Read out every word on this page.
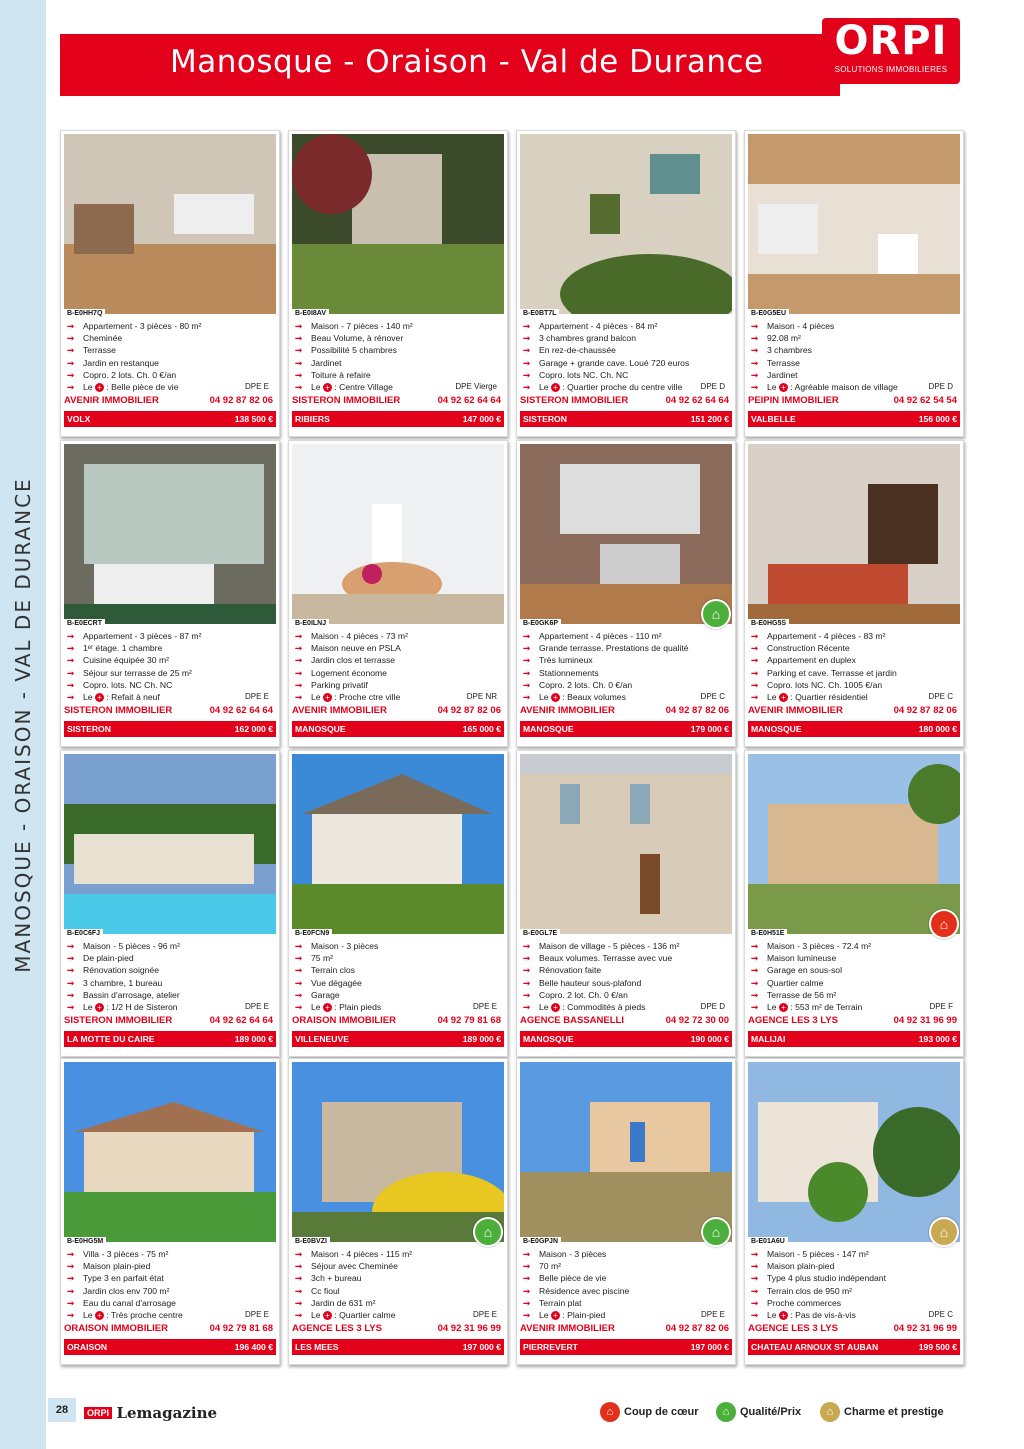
MANOSQUE - ORAISON - VAL DE DURANCE
Manosque - Oraison - Val de Durance	ORPI
SOLUTIONS IMMOBILIERES
B-E0HH7Q
➞ Appartement - 3 pièces - 80 m²
➞ Cheminée
➞ Terrasse
➞ Jardin en restanque
➞ Copro. 2 lots. Ch. 0 €/an
➞ Le + : Belle pièce de vie	DPE E
AVENIR IMMOBILIER	04 92 87 82 06
VOLX	138 500 €
B-E0I8AV
➞ Maison - 7 pièces - 140 m²
➞ Beau Volume, à rénover
➞ Possibilité 5 chambres
➞ Jardinet
➞ Toiture à refaire
➞ Le + : Centre Village	DPE Vierge
SISTERON IMMOBILIER	04 92 62 64 64
RIBIERS	147 000 €
B-E0BT7L
➞ Appartement - 4 pièces - 84 m²
➞ 3 chambres grand balcon
➞ En rez-de-chaussée
➞ Garage + grande cave. Loué 720 euros
➞ Copro. lots NC. Ch. NC
➞ Le + : Quartier proche du centre ville DPE D
SISTERON IMMOBILIER	04 92 62 64 64
SISTERON	151 200 €
B-E0G5EU
➞ Maison - 4 pièces
➞ 92.08 m²
➞ 3 chambres
➞ Terrasse
➞ Jardinet
➞ Le + : Agréable maison de village	DPE D
PEIPIN IMMOBILIER	04 92 62 54 54
VALBELLE	156 000 €
B-E0ECRT
➞ Appartement - 3 pièces - 87 m²
➞ 1ᵉʳ étage. 1 chambre
➞ Cuisine équipée 30 m²
➞ Séjour sur terrasse de 25 m²
➞ Copro. lots. NC Ch. NC
➞ Le + : Refait à neuf	DPE E
SISTERON IMMOBILIER	04 92 62 64 64
SISTERON	162 000 €
B-E0ILNJ
➞ Maison - 4 pièces - 73 m²
➞ Maison neuve en PSLA
➞ Jardin clos et terrasse
➞ Logement économe
➞ Parking privatif
➞ Le + : Proche ctre ville	DPE NR
AVENIR IMMOBILIER	04 92 87 82 06
MANOSQUE	165 000 €
B-E0GK6P
⌂
➞ Appartement - 4 pièces - 110 m²
➞ Grande terrasse. Prestations de qualité
➞ Très lumineux
➞ Stationnements
➞ Copro. 2 lots. Ch. 0 €/an
➞ Le + : Beaux volumes	DPE C
AVENIR IMMOBILIER	04 92 87 82 06
MANOSQUE	179 000 €
B-E0HG5S
➞ Appartement - 4 pièces - 83 m²
➞ Construction Récente
➞ Appartement en duplex
➞ Parking et cave. Terrasse et jardin
➞ Copro. lots NC. Ch. 1005 €/an
➞ Le + : Quartier résidentiel	DPE C
AVENIR IMMOBILIER	04 92 87 82 06
MANOSQUE	180 000 €
B-E0C6FJ
➞ Maison - 5 pièces - 96 m²
➞ De plain-pied
➞ Rénovation soignée
➞ 3 chambre, 1 bureau
➞ Bassin d'arrosage, atelier
➞ Le + : 1/2 H de Sisteron	DPE E
SISTERON IMMOBILIER	04 92 62 64 64
LA MOTTE DU CAIRE	189 000 €
B-E0FCN9
➞ Maison - 3 pièces
➞ 75 m²
➞ Terrain clos
➞ Vue dégagée
➞ Garage
➞ Le + : Plain pieds	DPE E
ORAISON IMMOBILIER	04 92 79 81 68
VILLENEUVE	189 000 €
B-E0GL7E
➞ Maison de village - 5 pièces - 136 m²
➞ Beaux volumes. Terrasse avec vue
➞ Rénovation faite
➞ Belle hauteur sous-plafond
➞ Copro. 2 lot. Ch. 0 €/an
➞ Le + : Commodités à pieds	DPE D
AGENCE BASSANELLI	04 92 72 30 00
MANOSQUE	190 000 €
B-E0H51E
⌂
➞ Maison - 3 pièces - 72.4 m²
➞ Maison lumineuse
➞ Garage en sous-sol
➞ Quartier calme
➞ Terrasse de 56 m²
➞ Le + : 553 m² de Terrain	DPE F
AGENCE LES 3 LYS	04 92 31 96 99
MALIJAI	193 000 €
B-E0HG5M
➞ Villa - 3 pièces - 75 m²
➞ Maison plain-pied
➞ Type 3 en parfait état
➞ Jardin clos env 700 m²
➞ Eau du canal d'arrosage
➞ Le + : Très proche centre	DPE E
ORAISON IMMOBILIER	04 92 79 81 68
ORAISON	196 400 €
B-E0BVZI
⌂
➞ Maison - 4 pièces - 115 m²
➞ Séjour avec Cheminée
➞ 3ch + bureau
➞ Cc fioul
➞ Jardin de 631 m²
➞ Le + : Quartier calme	DPE E
AGENCE LES 3 LYS	04 92 31 96 99
LES MEES	197 000 €
B-E0GPJN
⌂
➞ Maison - 3 pièces
➞ 70 m²
➞ Belle pièce de vie
➞ Résidence avec piscine
➞ Terrain plat
➞ Le + : Plain-pied	DPE E
AVENIR IMMOBILIER	04 92 87 82 06
PIERREVERT	197 000 €
B-E01A6U
⌂
➞ Maison - 5 pièces - 147 m²
➞ Maison plain-pied
➞ Type 4 plus studio indépendant
➞ Terrain clos de 950 m²
➞ Proche commerces
➞ Le + : Pas de vis-à-vis	DPE C
AGENCE LES 3 LYS	04 92 31 96 99
CHATEAU ARNOUX ST AUBAN	199 500 €
28	ORPI Lemagazine	⌂ Coup de cœur	⌂ Qualité/Prix	⌂ Charme et prestige
